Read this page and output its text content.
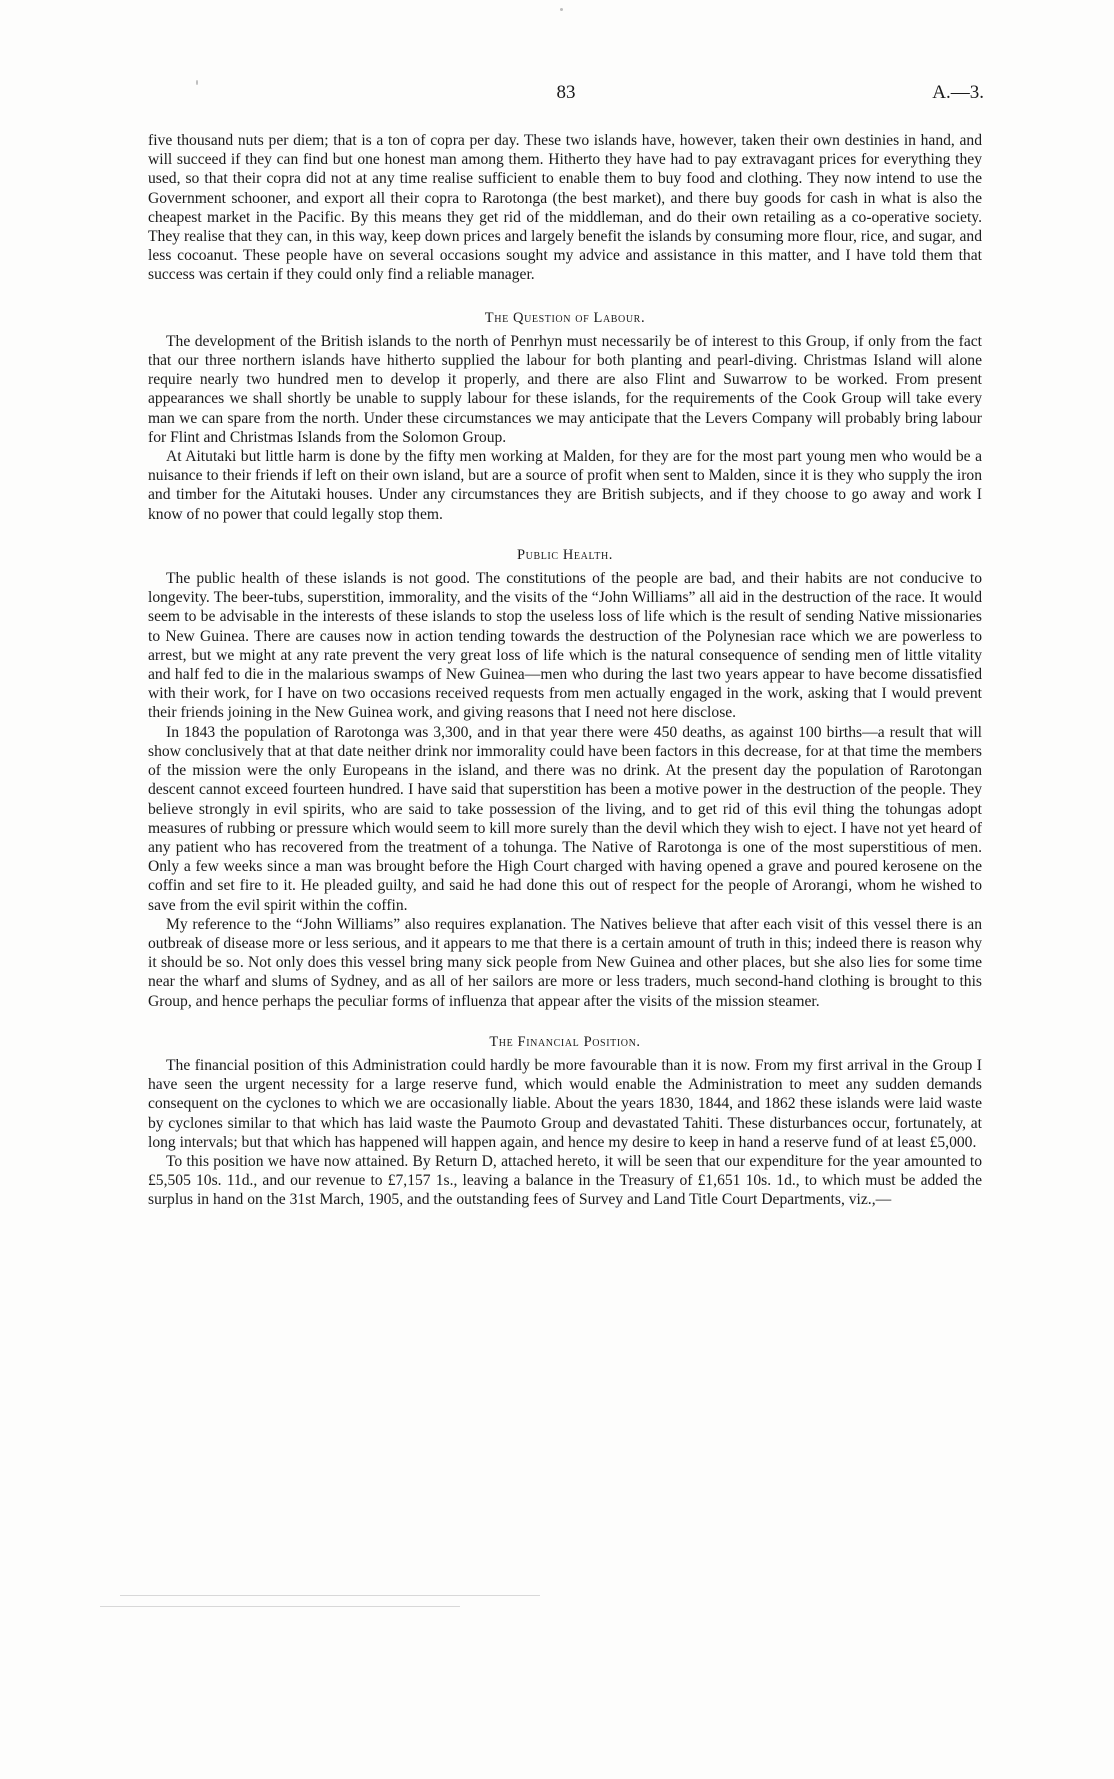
83	A.—3.

five thousand nuts per diem; that is a ton of copra per day. These two islands have, however, taken their own destinies in hand, and will succeed if they can find but one honest man among them. Hitherto they have had to pay extravagant prices for everything they used, so that their copra did not at any time realise sufficient to enable them to buy food and clothing. They now intend to use the Government schooner, and export all their copra to Rarotonga (the best market), and there buy goods for cash in what is also the cheapest market in the Pacific. By this means they get rid of the middleman, and do their own retailing as a co-operative society. They realise that they can, in this way, keep down prices and largely benefit the islands by consuming more flour, rice, and sugar, and less cocoanut. These people have on several occasions sought my advice and assistance in this matter, and I have told them that success was certain if they could only find a reliable manager.

The Question of Labour.

The development of the British islands to the north of Penrhyn must necessarily be of interest to this Group, if only from the fact that our three northern islands have hitherto supplied the labour for both planting and pearl-diving. Christmas Island will alone require nearly two hundred men to develop it properly, and there are also Flint and Suwarrow to be worked. From present appearances we shall shortly be unable to supply labour for these islands, for the requirements of the Cook Group will take every man we can spare from the north. Under these circumstances we may anticipate that the Levers Company will probably bring labour for Flint and Christmas Islands from the Solomon Group.

At Aitutaki but little harm is done by the fifty men working at Malden, for they are for the most part young men who would be a nuisance to their friends if left on their own island, but are a source of profit when sent to Malden, since it is they who supply the iron and timber for the Aitutaki houses. Under any circumstances they are British subjects, and if they choose to go away and work I know of no power that could legally stop them.

Public Health.

The public health of these islands is not good. The constitutions of the people are bad, and their habits are not conducive to longevity. The beer-tubs, superstition, immorality, and the visits of the “John Williams” all aid in the destruction of the race. It would seem to be advisable in the interests of these islands to stop the useless loss of life which is the result of sending Native missionaries to New Guinea. There are causes now in action tending towards the destruction of the Polynesian race which we are powerless to arrest, but we might at any rate prevent the very great loss of life which is the natural consequence of sending men of little vitality and half fed to die in the malarious swamps of New Guinea—men who during the last two years appear to have become dissatisfied with their work, for I have on two occasions received requests from men actually engaged in the work, asking that I would prevent their friends joining in the New Guinea work, and giving reasons that I need not here disclose.

In 1843 the population of Rarotonga was 3,300, and in that year there were 450 deaths, as against 100 births—a result that will show conclusively that at that date neither drink nor immorality could have been factors in this decrease, for at that time the members of the mission were the only Europeans in the island, and there was no drink. At the present day the population of Rarotongan descent cannot exceed fourteen hundred. I have said that superstition has been a motive power in the destruction of the people. They believe strongly in evil spirits, who are said to take possession of the living, and to get rid of this evil thing the tohungas adopt measures of rubbing or pressure which would seem to kill more surely than the devil which they wish to eject. I have not yet heard of any patient who has recovered from the treatment of a tohunga. The Native of Rarotonga is one of the most superstitious of men. Only a few weeks since a man was brought before the High Court charged with having opened a grave and poured kerosene on the coffin and set fire to it. He pleaded guilty, and said he had done this out of respect for the people of Arorangi, whom he wished to save from the evil spirit within the coffin.

My reference to the “John Williams” also requires explanation. The Natives believe that after each visit of this vessel there is an outbreak of disease more or less serious, and it appears to me that there is a certain amount of truth in this; indeed there is reason why it should be so. Not only does this vessel bring many sick people from New Guinea and other places, but she also lies for some time near the wharf and slums of Sydney, and as all of her sailors are more or less traders, much second-hand clothing is brought to this Group, and hence perhaps the peculiar forms of influenza that appear after the visits of the mission steamer.

The Financial Position.

The financial position of this Administration could hardly be more favourable than it is now. From my first arrival in the Group I have seen the urgent necessity for a large reserve fund, which would enable the Administration to meet any sudden demands consequent on the cyclones to which we are occasionally liable. About the years 1830, 1844, and 1862 these islands were laid waste by cyclones similar to that which has laid waste the Paumoto Group and devastated Tahiti. These disturbances occur, fortunately, at long intervals; but that which has happened will happen again, and hence my desire to keep in hand a reserve fund of at least £5,000.

To this position we have now attained. By Return D, attached hereto, it will be seen that our expenditure for the year amounted to £5,505 10s. 11d., and our revenue to £7,157 1s., leaving a balance in the Treasury of £1,651 10s. 1d., to which must be added the surplus in hand on the 31st March, 1905, and the outstanding fees of Survey and Land Title Court Departments, viz.,—
